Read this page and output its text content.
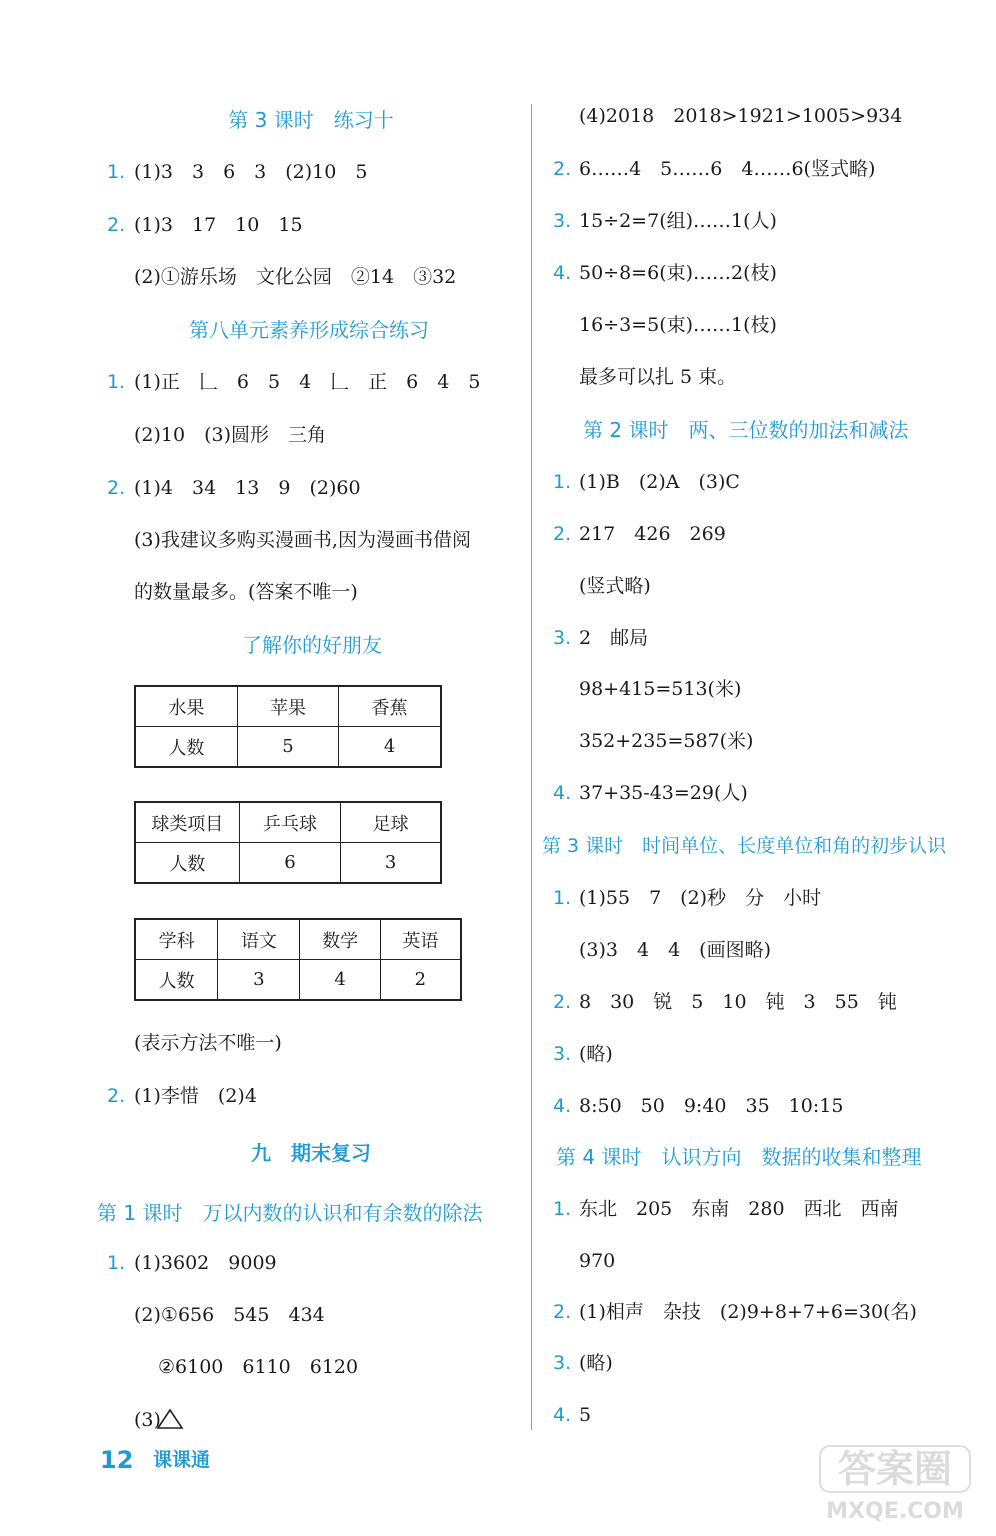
第 3 课时　练习十
1. (1)3　3　6　3　(2)10　5
2. (1)3　17　10　15
(2)①游乐场　文化公园　②14　③32
第八单元素养形成综合练习
1. (1)正　𠃊　6　5　4　𠃊　正　6　4　5
(2)10　(3)圆形　三角
2. (1)4　34　13　9　(2)60
(3)我建议多购买漫画书,因为漫画书借阅
的数量最多。(答案不唯一)
了解你的好朋友
水果	苹果	香蕉
人数	5	4
球类项目	乒乓球	足球
人数	6	3
学科	语文	数学	英语
人数	3	4	2
(表示方法不唯一)
2. (1)李惜　(2)4
九　期末复习
第 1 课时　万以内数的认识和有余数的除法
1. (1)3602　9009
(2)①656　545　434
②6100　6110　6120
(3)
(4)2018　2018>1921>1005>934
2. 6……4　5……6　4……6(竖式略)
3. 15÷2=7(组)……1(人)
4. 50÷8=6(束)……2(枝)
16÷3=5(束)……1(枝)
最多可以扎 5 束。
第 2 课时　两、三位数的加法和减法
1. (1)B　(2)A　(3)C
2. 217　426　269
(竖式略)
3. 2　邮局
98+415=513(米)
352+235=587(米)
4. 37+35-43=29(人)
第 3 课时　时间单位、长度单位和角的初步认识
1. (1)55　7　(2)秒　分　小时
(3)3　4　4　(画图略)
2. 8　30　锐　5　10　钝　3　55　钝
3. (略)
4. 8:50　50　9:40　35　10:15
第 4 课时　认识方向　数据的收集和整理
1. 东北　205　东南　280　西北　西南
970
2. (1)相声　杂技　(2)9+8+7+6=30(名)
3. (略)
4. 5
12 课课通	答案圈
MXQE.COM
